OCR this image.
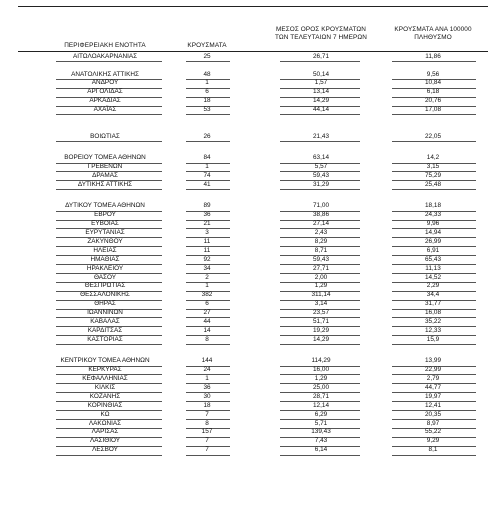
ΠΕΡΙΦΕΡΕΙΑΚΗ ΕΝΟΤΗΤΑ	ΚΡΟΥΣΜΑΤΑ
ΜΕΣΟΣ ΟΡΟΣ ΚΡΟΥΣΜΑΤΩΝ
ΤΩΝ ΤΕΛΕΥΤΑΙΩΝ 7 ΗΜΕΡΩΝ
ΚΡΟΥΣΜΑΤΑ ΑΝΑ 100000
ΠΛΗΘΥΣΜΟ
ΑΙΤΩΛΟΑΚΑΡΝΑΝΙΑΣ	25	26,71	11,86
ΑΝΑΤΟΛΙΚΗΣ ΑΤΤΙΚΗΣ	48	50,14	9,56
ΑΝΔΡΟΥ	1	1,57	10,84
ΑΡΓΟΛΙΔΑΣ	6	13,14	6,18
ΑΡΚΑΔΙΑΣ	18	14,29	20,76
ΑΧΑΪΑΣ	53	44,14	17,08
ΒΟΙΩΤΙΑΣ	26	21,43	22,05
ΒΟΡΕΙΟΥ ΤΟΜΕΑ ΑΘΗΝΩΝ	84	63,14	14,2
ΓΡΕΒΕΝΩΝ	1	5,57	3,15
ΔΡΑΜΑΣ	74	59,43	75,29
ΔΥΤΙΚΗΣ ΑΤΤΙΚΗΣ	41	31,29	25,48
ΔΥΤΙΚΟΥ ΤΟΜΕΑ ΑΘΗΝΩΝ	89	71,00	18,18
ΕΒΡΟΥ	36	38,86	24,33
ΕΥΒΟΙΑΣ	21	27,14	9,96
ΕΥΡΥΤΑΝΙΑΣ	3	2,43	14,94
ΖΑΚΥΝΘΟΥ	11	8,29	26,99
ΗΛΕΙΑΣ	11	8,71	6,91
ΗΜΑΘΙΑΣ	92	59,43	65,43
ΗΡΑΚΛΕΙΟΥ	34	27,71	11,13
ΘΑΣΟΥ	2	2,00	14,52
ΘΕΣΠΡΩΤΙΑΣ	1	1,29	2,29
ΘΕΣΣΑΛΟΝΙΚΗΣ	382	311,14	34,4
ΘΗΡΑΣ	6	3,14	31,77
ΙΩΑΝΝΙΝΩΝ	27	23,57	16,08
ΚΑΒΑΛΑΣ	44	51,71	35,22
ΚΑΡΔΙΤΣΑΣ	14	19,29	12,33
ΚΑΣΤΟΡΙΑΣ	8	14,29	15,9
ΚΕΝΤΡΙΚΟΥ ΤΟΜΕΑ ΑΘΗΝΩΝ	144	114,29	13,99
ΚΕΡΚΥΡΑΣ	24	16,00	22,99
ΚΕΦΑΛΛΗΝΙΑΣ	1	1,29	2,79
ΚΙΛΚΙΣ	36	25,00	44,77
ΚΟΖΑΝΗΣ	30	28,71	19,97
ΚΟΡΙΝΘΙΑΣ	18	12,14	12,41
ΚΩ	7	6,29	20,35
ΛΑΚΩΝΙΑΣ	8	5,71	8,97
ΛΑΡΙΣΑΣ	157	139,43	55,22
ΛΑΣΙΘΙΟΥ	7	7,43	9,29
ΛΕΣΒΟΥ	7	6,14	8,1
